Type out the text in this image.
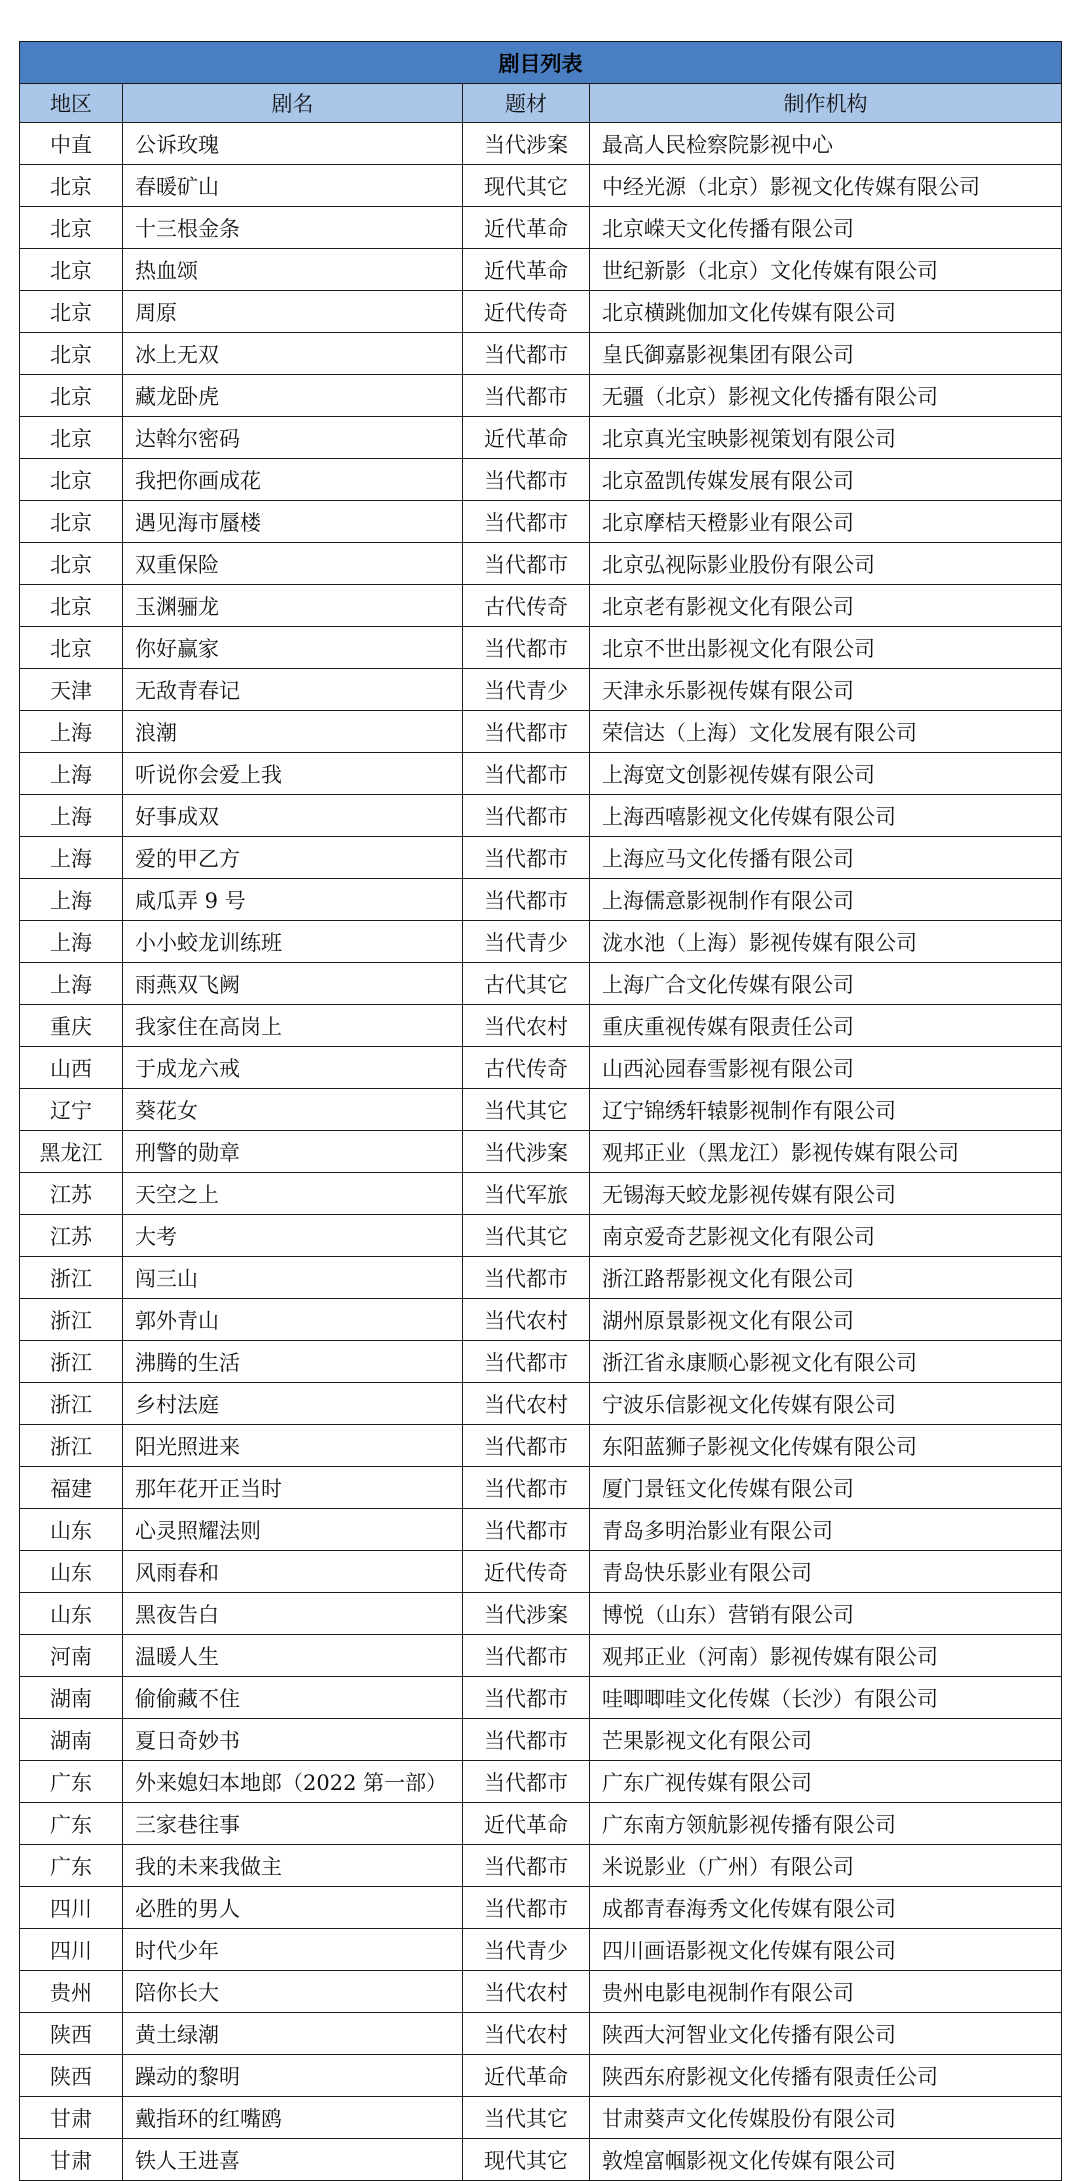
剧目列表			
地区	剧名	题材	制作机构
中直	公诉玫瑰	当代涉案	最高人民检察院影视中心
北京	春暖矿山	现代其它	中经光源（北京）影视文化传媒有限公司
北京	十三根金条	近代革命	北京嵘天文化传播有限公司
北京	热血颂	近代革命	世纪新影（北京）文化传媒有限公司
北京	周原	近代传奇	北京横跳伽加文化传媒有限公司
北京	冰上无双	当代都市	皇氏御嘉影视集团有限公司
北京	藏龙卧虎	当代都市	无疆（北京）影视文化传播有限公司
北京	达斡尔密码	近代革命	北京真光宝映影视策划有限公司
北京	我把你画成花	当代都市	北京盈凯传媒发展有限公司
北京	遇见海市蜃楼	当代都市	北京摩桔天橙影业有限公司
北京	双重保险	当代都市	北京弘视际影业股份有限公司
北京	玉渊骊龙	古代传奇	北京老有影视文化有限公司
北京	你好赢家	当代都市	北京不世出影视文化有限公司
天津	无敌青春记	当代青少	天津永乐影视传媒有限公司
上海	浪潮	当代都市	荣信达（上海）文化发展有限公司
上海	听说你会爱上我	当代都市	上海宽文创影视传媒有限公司
上海	好事成双	当代都市	上海西嘻影视文化传媒有限公司
上海	爱的甲乙方	当代都市	上海应马文化传播有限公司
上海	咸瓜弄 9 号	当代都市	上海儒意影视制作有限公司
上海	小小蛟龙训练班	当代青少	泷水池（上海）影视传媒有限公司
上海	雨燕双飞阙	古代其它	上海广合文化传媒有限公司
重庆	我家住在高岗上	当代农村	重庆重视传媒有限责任公司
山西	于成龙六戒	古代传奇	山西沁园春雪影视有限公司
辽宁	葵花女	当代其它	辽宁锦绣轩辕影视制作有限公司
黑龙江	刑警的勋章	当代涉案	观邦正业（黑龙江）影视传媒有限公司
江苏	天空之上	当代军旅	无锡海天蛟龙影视传媒有限公司
江苏	大考	当代其它	南京爱奇艺影视文化有限公司
浙江	闯三山	当代都市	浙江路帮影视文化有限公司
浙江	郭外青山	当代农村	湖州原景影视文化有限公司
浙江	沸腾的生活	当代都市	浙江省永康顺心影视文化有限公司
浙江	乡村法庭	当代农村	宁波乐信影视文化传媒有限公司
浙江	阳光照进来	当代都市	东阳蓝狮子影视文化传媒有限公司
福建	那年花开正当时	当代都市	厦门景钰文化传媒有限公司
山东	心灵照耀法则	当代都市	青岛多明治影业有限公司
山东	风雨春和	近代传奇	青岛快乐影业有限公司
山东	黑夜告白	当代涉案	博悦（山东）营销有限公司
河南	温暖人生	当代都市	观邦正业（河南）影视传媒有限公司
湖南	偷偷藏不住	当代都市	哇唧唧哇文化传媒（长沙）有限公司
湖南	夏日奇妙书	当代都市	芒果影视文化有限公司
广东	外来媳妇本地郎（2022 第一部）	当代都市	广东广视传媒有限公司
广东	三家巷往事	近代革命	广东南方领航影视传播有限公司
广东	我的未来我做主	当代都市	米说影业（广州）有限公司
四川	必胜的男人	当代都市	成都青春海秀文化传媒有限公司
四川	时代少年	当代青少	四川画语影视文化传媒有限公司
贵州	陪你长大	当代农村	贵州电影电视制作有限公司
陕西	黄土绿潮	当代农村	陕西大河智业文化传播有限公司
陕西	躁动的黎明	近代革命	陕西东府影视文化传播有限责任公司
甘肃	戴指环的红嘴鸥	当代其它	甘肃葵声文化传媒股份有限公司
甘肃	铁人王进喜	现代其它	敦煌富帼影视文化传媒有限公司
